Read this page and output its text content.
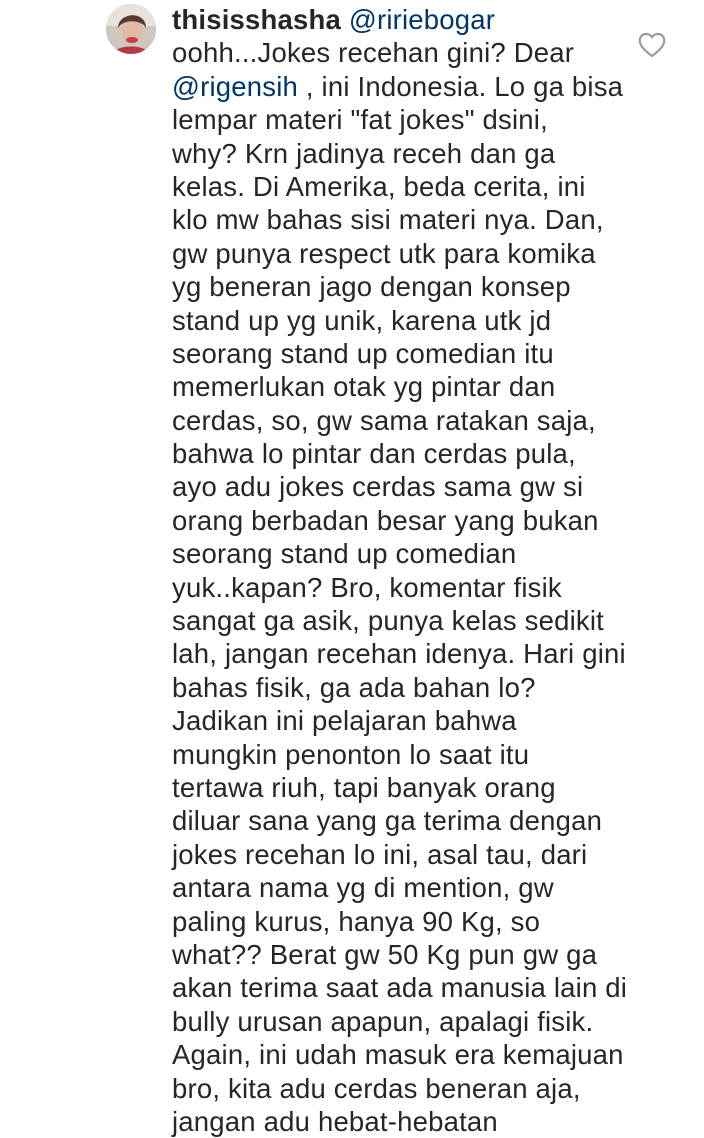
thisisshasha @ririebogar
oohh...Jokes recehan gini? Dear
@rigensih , ini Indonesia. Lo ga bisa
lempar materi "fat jokes" dsini,
why? Krn jadinya receh dan ga
kelas. Di Amerika, beda cerita, ini
klo mw bahas sisi materi nya. Dan,
gw punya respect utk para komika
yg beneran jago dengan konsep
stand up yg unik, karena utk jd
seorang stand up comedian itu
memerlukan otak yg pintar dan
cerdas, so, gw sama ratakan saja,
bahwa lo pintar dan cerdas pula,
ayo adu jokes cerdas sama gw si
orang berbadan besar yang bukan
seorang stand up comedian
yuk..kapan? Bro, komentar fisik
sangat ga asik, punya kelas sedikit
lah, jangan recehan idenya. Hari gini
bahas fisik, ga ada bahan lo?
Jadikan ini pelajaran bahwa
mungkin penonton lo saat itu
tertawa riuh, tapi banyak orang
diluar sana yang ga terima dengan
jokes recehan lo ini, asal tau, dari
antara nama yg di mention, gw
paling kurus, hanya 90 Kg, so
what?? Berat gw 50 Kg pun gw ga
akan terima saat ada manusia lain di
bully urusan apapun, apalagi fisik.
Again, ini udah masuk era kemajuan
bro, kita adu cerdas beneran aja,
jangan adu hebat-hebatan
